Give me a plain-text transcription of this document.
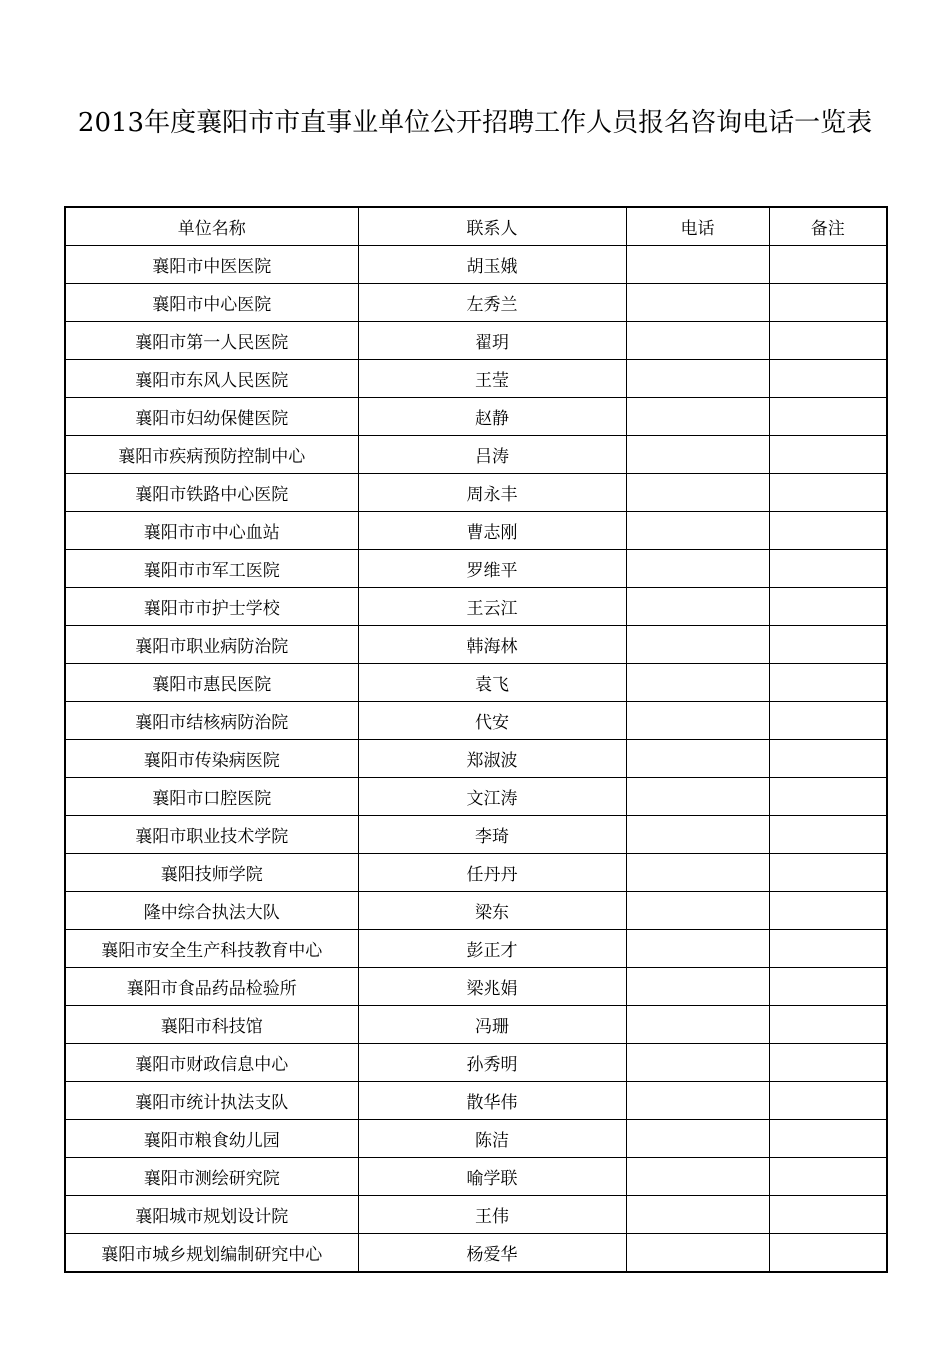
2013年度襄阳市市直事业单位公开招聘工作人员报名咨询电话一览表
单位名称	联系人	电话	备注
襄阳市中医医院	胡玉娥		
襄阳市中心医院	左秀兰		
襄阳市第一人民医院	翟玥		
襄阳市东风人民医院	王莹		
襄阳市妇幼保健医院	赵静		
襄阳市疾病预防控制中心	吕涛		
襄阳市铁路中心医院	周永丰		
襄阳市市中心血站	曹志刚		
襄阳市市军工医院	罗维平		
襄阳市市护士学校	王云江		
襄阳市职业病防治院	韩海林		
襄阳市惠民医院	袁飞		
襄阳市结核病防治院	代安		
襄阳市传染病医院	郑淑波		
襄阳市口腔医院	文江涛		
襄阳市职业技术学院	李琦		
襄阳技师学院	任丹丹		
隆中综合执法大队	梁东		
襄阳市安全生产科技教育中心	彭正才		
襄阳市食品药品检验所	梁兆娟		
襄阳市科技馆	冯珊		
襄阳市财政信息中心	孙秀明		
襄阳市统计执法支队	散华伟		
襄阳市粮食幼儿园	陈洁		
襄阳市测绘研究院	喻学联		
襄阳城市规划设计院	王伟		
襄阳市城乡规划编制研究中心	杨爱华		
